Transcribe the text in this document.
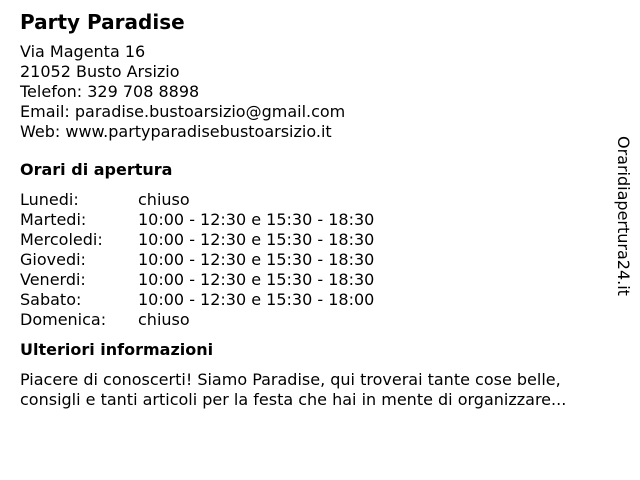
Party Paradise
Via Magenta 16
21052 Busto Arsizio
Telefon: 329 708 8898
Email: paradise.bustoarsizio@gmail.com
Web: www.partyparadisebustoarsizio.it
Orari di apertura
Lunedi:	chiuso
Martedi:	10:00 - 12:30 e 15:30 - 18:30
Mercoledi:	10:00 - 12:30 e 15:30 - 18:30
Giovedi:	10:00 - 12:30 e 15:30 - 18:30
Venerdi:	10:00 - 12:30 e 15:30 - 18:30
Sabato:	10:00 - 12:30 e 15:30 - 18:00
Domenica:	chiuso
Ulteriori informazioni
Piacere di conoscerti! Siamo Paradise, qui troverai tante cose belle, consigli e tanti articoli per la festa che hai in mente di organizzare...
Oraridiapertura24.it
